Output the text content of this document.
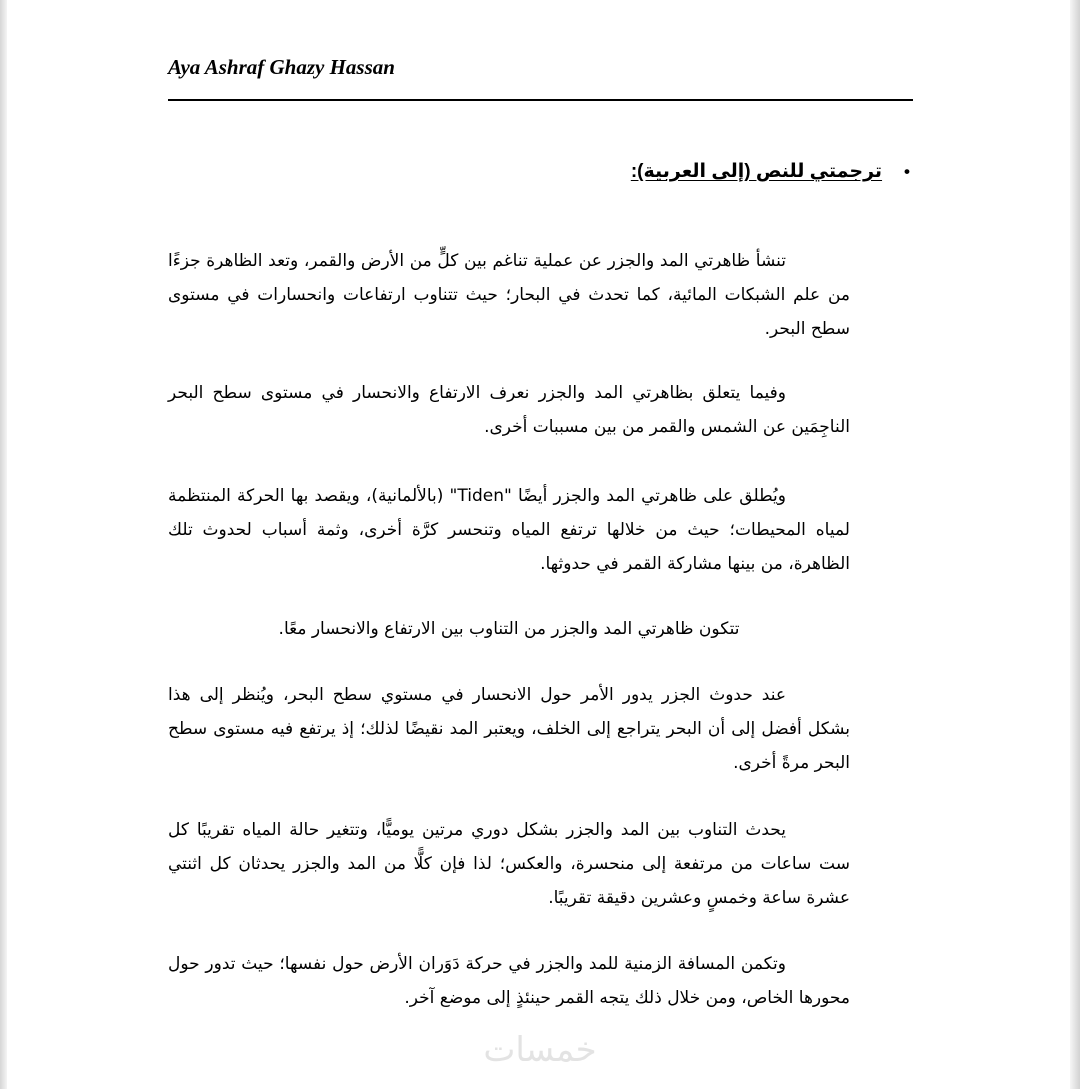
Aya Ashraf Ghazy Hassan
•ترجمتي للنص (إلى العربية):

تنشأ ظاهرتي المد والجزر عن عملية تناغم بين كلٍّ من الأرض والقمر، وتعد الظاهرة جزءًا من علم الشبكات المائية، كما تحدث في البحار؛ حيث تتناوب ارتفاعات وانحسارات في مستوى سطح البحر.

وفيما يتعلق بظاهرتي المد والجزر نعرف الارتفاع والانحسار في مستوى سطح البحر الناجِمَين عن الشمس والقمر من بين مسببات أخرى.

ويُطلق على ظاهرتي المد والجزر أيضًا "Tiden" (بالألمانية)، ويقصد بها الحركة المنتظمة لمياه المحيطات؛ حيث من خلالها ترتفع المياه وتنحسر كرَّة أخرى، وثمة أسباب لحدوث تلك الظاهرة، من بينها مشاركة القمر في حدوثها.

تتكون ظاهرتي المد والجزر من التناوب بين الارتفاع والانحسار معًا.

عند حدوث الجزر يدور الأمر حول الانحسار في مستوي سطح البحر، ويُنظر إلى هذا بشكل أفضل إلى أن البحر يتراجع إلى الخلف، ويعتبر المد نقيضًا لذلك؛ إذ يرتفع فيه مستوى سطح البحر مرةً أخرى.

يحدث التناوب بين المد والجزر بشكل دوري مرتين يوميًّا، وتتغير حالة المياه تقريبًا كل ست ساعات من مرتفعة إلى منحسرة، والعكس؛ لذا فإن كلًّا من المد والجزر يحدثان كل اثنتي عشرة ساعة وخمسٍ وعشرين دقيقة تقريبًا.

وتكمن المسافة الزمنية للمد والجزر في حركة دَوَران الأرض حول نفسها؛ حيث تدور حول محورها الخاص، ومن خلال ذلك يتجه القمر حينئذٍ إلى موضع آخر.

خمسات
